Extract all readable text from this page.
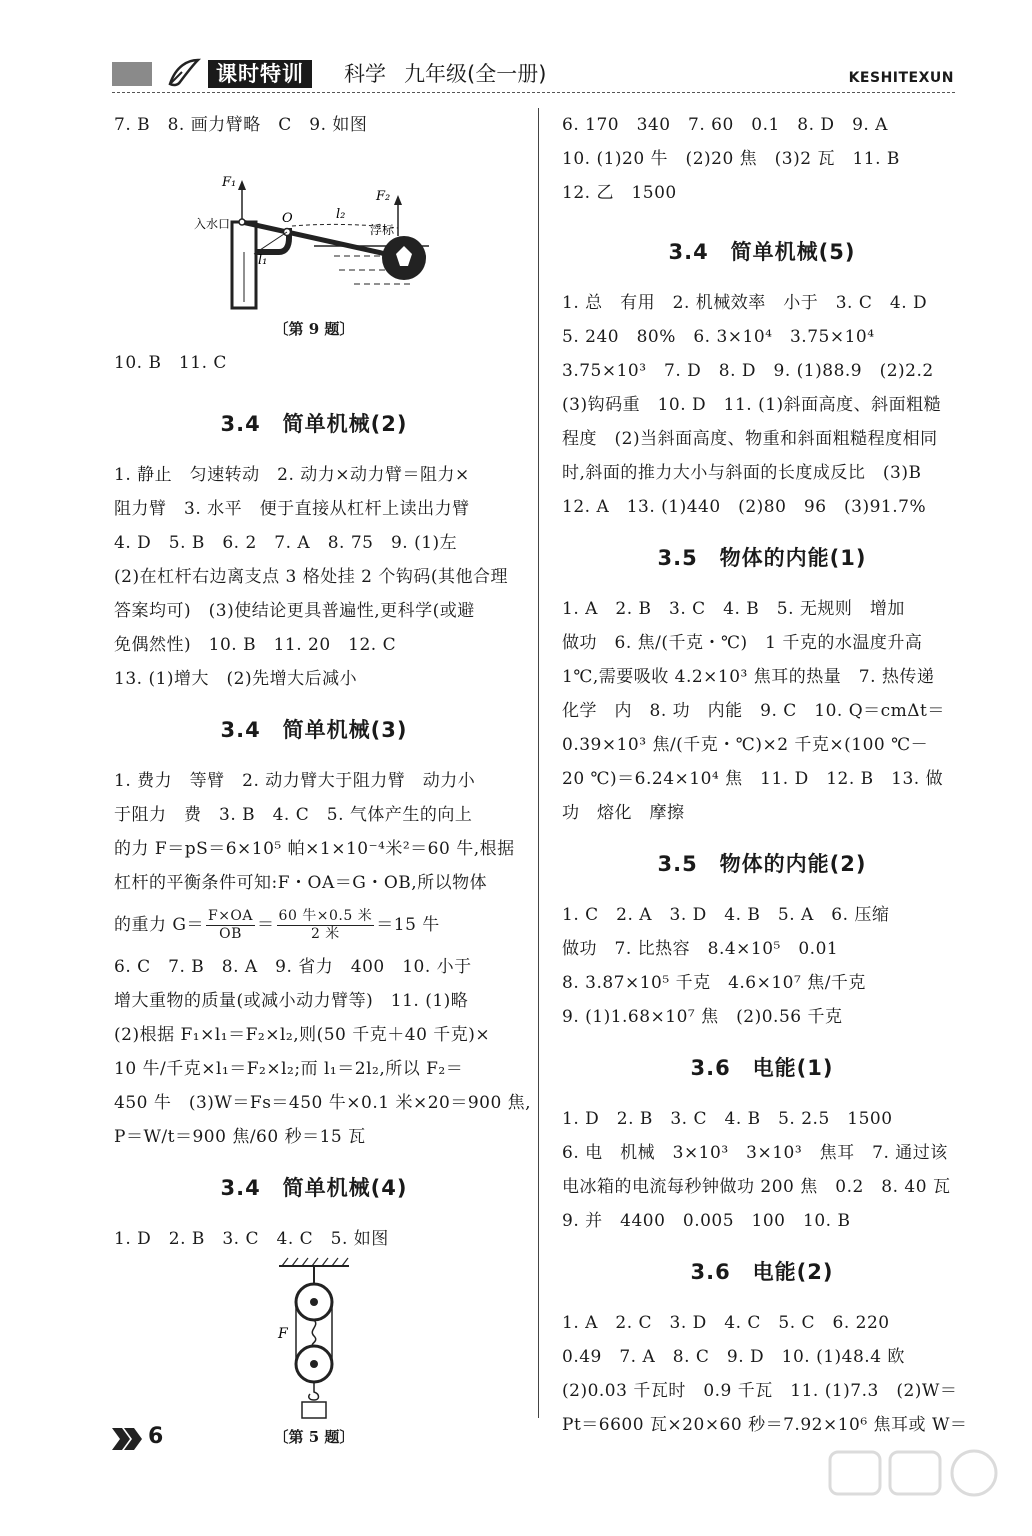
课时特训	科学 九年级(全一册)	KESHITEXUN
7. B　8. 画力臂略　C　9. 如图
F₁
F₂
O	l₂
l₁
入水口	浮标
〔第 9 题〕
10. B　11. C
3.4　简单机械(2)
1. 静止　匀速转动　2. 动力×动力臂＝阻力×
阻力臂　3. 水平　便于直接从杠杆上读出力臂
4. D　5. B　6. 2　7. A　8. 75　9. (1)左
(2)在杠杆右边离支点 3 格处挂 2 个钩码(其他合理
答案均可)　(3)使结论更具普遍性,更科学(或避
免偶然性)　10. B　11. 20　12. C
13. (1)增大　(2)先增大后减小
3.4　简单机械(3)
1. 费力　等臂　2. 动力臂大于阻力臂　动力小
于阻力　费　3. B　4. C　5. 气体产生的向上
的力 F＝pS＝6×10⁵ 帕×1×10⁻⁴米²＝60 牛,根据
杠杆的平衡条件可知:F・OA＝G・OB,所以物体
的重力 $G= \frac{F\times OA}{OB} = \frac{\text{60 牛×0.5 米}}{\text{2 米}} =15$ 牛
6. C　7. B　8. A　9. 省力　400　10. 小于
增大重物的质量(或减小动力臂等)　11. (1)略
(2)根据 F₁×l₁＝F₂×l₂,则(50 千克＋40 千克)×
10 牛/千克×l₁＝F₂×l₂;而 l₁＝2l₂,所以 F₂＝
450 牛　(3)W＝Fs＝450 牛×0.1 米×20＝900 焦,
P＝W/t＝900 焦/60 秒＝15 瓦
3.4　简单机械(4)
1. D　2. B　3. C　4. C　5. 如图
F
〔第 5 题〕
6. 170　340　7. 60　0.1　8. D　9. A
10. (1)20 牛　(2)20 焦　(3)2 瓦　11. B
12. 乙　1500
3.4　简单机械(5)
1. 总　有用　2. 机械效率　小于　3. C　4. D
5. 240　80%　6. 3×10⁴　3.75×10⁴
3.75×10³　7. D　8. D　9. (1)88.9　(2)2.2
(3)钩码重　10. D　11. (1)斜面高度、斜面粗糙
程度　(2)当斜面高度、物重和斜面粗糙程度相同
时,斜面的推力大小与斜面的长度成反比　(3)B
12. A　13. (1)440　(2)80　96　(3)91.7%
3.5　物体的内能(1)
1. A　2. B　3. C　4. B　5. 无规则　增加
做功　6. 焦/(千克・℃)　1 千克的水温度升高
1℃,需要吸收 4.2×10³ 焦耳的热量　7. 热传递
化学　内　8. 功　内能　9. C　10. Q＝cmΔt＝
0.39×10³ 焦/(千克・℃)×2 千克×(100 ℃－
20 ℃)＝6.24×10⁴ 焦　11. D　12. B　13. 做
功　熔化　摩擦
3.5　物体的内能(2)
1. C　2. A　3. D　4. B　5. A　6. 压缩
做功　7. 比热容　8.4×10⁵　0.01
8. 3.87×10⁵ 千克　4.6×10⁷ 焦/千克
9. (1)1.68×10⁷ 焦　(2)0.56 千克
3.6　电能(1)
1. D　2. B　3. C　4. B　5. 2.5　1500
6. 电　机械　3×10³　3×10³　焦耳　7. 通过该
电冰箱的电流每秒钟做功 200 焦　0.2　8. 40 瓦
9. 并　4400　0.005　100　10. B
3.6　电能(2)
1. A　2. C　3. D　4. C　5. C　6. 220
0.49　7. A　8. C　9. D　10. (1)48.4 欧
(2)0.03 千瓦时　0.9 千瓦　11. (1)7.3　(2)W＝
Pt＝6600 瓦×20×60 秒＝7.92×10⁶ 焦耳或 W＝
6
